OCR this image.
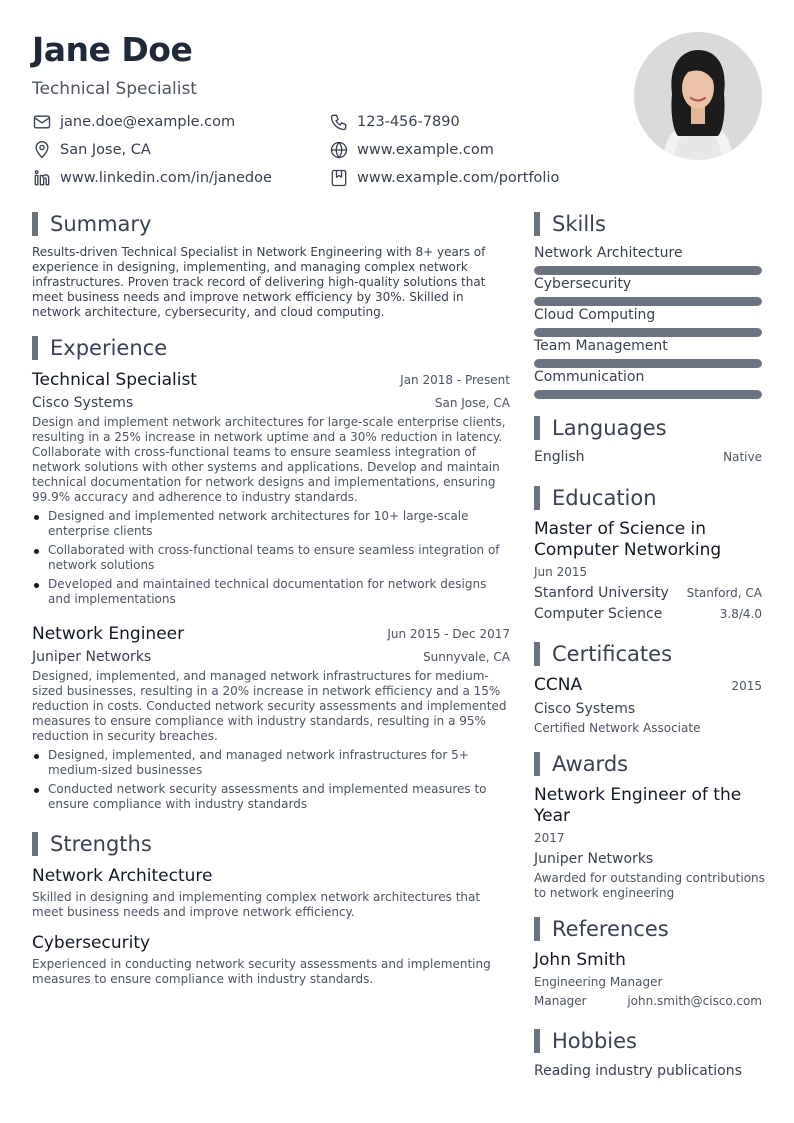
Jane Doe
Technical Specialist
jane.doe@example.com	123-456-7890
San Jose, CA	www.example.com
www.linkedin.com/in/janedoe	www.example.com/portfolio
Summary
Results-driven Technical Specialist in Network Engineering with 8+ years of experience in designing, implementing, and managing complex network infrastructures. Proven track record of delivering high-quality solutions that meet business needs and improve network efficiency by 30%. Skilled in network architecture, cybersecurity, and cloud computing.
Experience
Technical Specialist	Jan 2018 - Present
Cisco Systems	San Jose, CA
Design and implement network architectures for large-scale enterprise clients, resulting in a 25% increase in network uptime and a 30% reduction in latency. Collaborate with cross-functional teams to ensure seamless integration of network solutions with other systems and applications. Develop and maintain technical documentation for network designs and implementations, ensuring 99.9% accuracy and adherence to industry standards.
Designed and implemented network architectures for 10+ large-scale enterprise clients
Collaborated with cross-functional teams to ensure seamless integration of network solutions
Developed and maintained technical documentation for network designs and implementations
Network Engineer	Jun 2015 - Dec 2017
Juniper Networks	Sunnyvale, CA
Designed, implemented, and managed network infrastructures for medium-sized businesses, resulting in a 20% increase in network efficiency and a 15% reduction in costs. Conducted network security assessments and implemented measures to ensure compliance with industry standards, resulting in a 95% reduction in security breaches.
Designed, implemented, and managed network infrastructures for 5+ medium-sized businesses
Conducted network security assessments and implemented measures to ensure compliance with industry standards
Strengths
Network Architecture
Skilled in designing and implementing complex network architectures that meet business needs and improve network efficiency.
Cybersecurity
Experienced in conducting network security assessments and implementing measures to ensure compliance with industry standards.
Skills
Network Architecture
Cybersecurity
Cloud Computing
Team Management
Communication
Languages
English	Native
Education
Master of Science in
Computer Networking
Jun 2015
Stanford University	Stanford, CA
Computer Science	3.8/4.0
Certificates
CCNA	2015
Cisco Systems
Certified Network Associate
Awards
Network Engineer of the
Year
2017
Juniper Networks
Awarded for outstanding contributions
to network engineering
References
John Smith
Engineering Manager
Manager	john.smith@cisco.com
Hobbies
Reading industry publications
